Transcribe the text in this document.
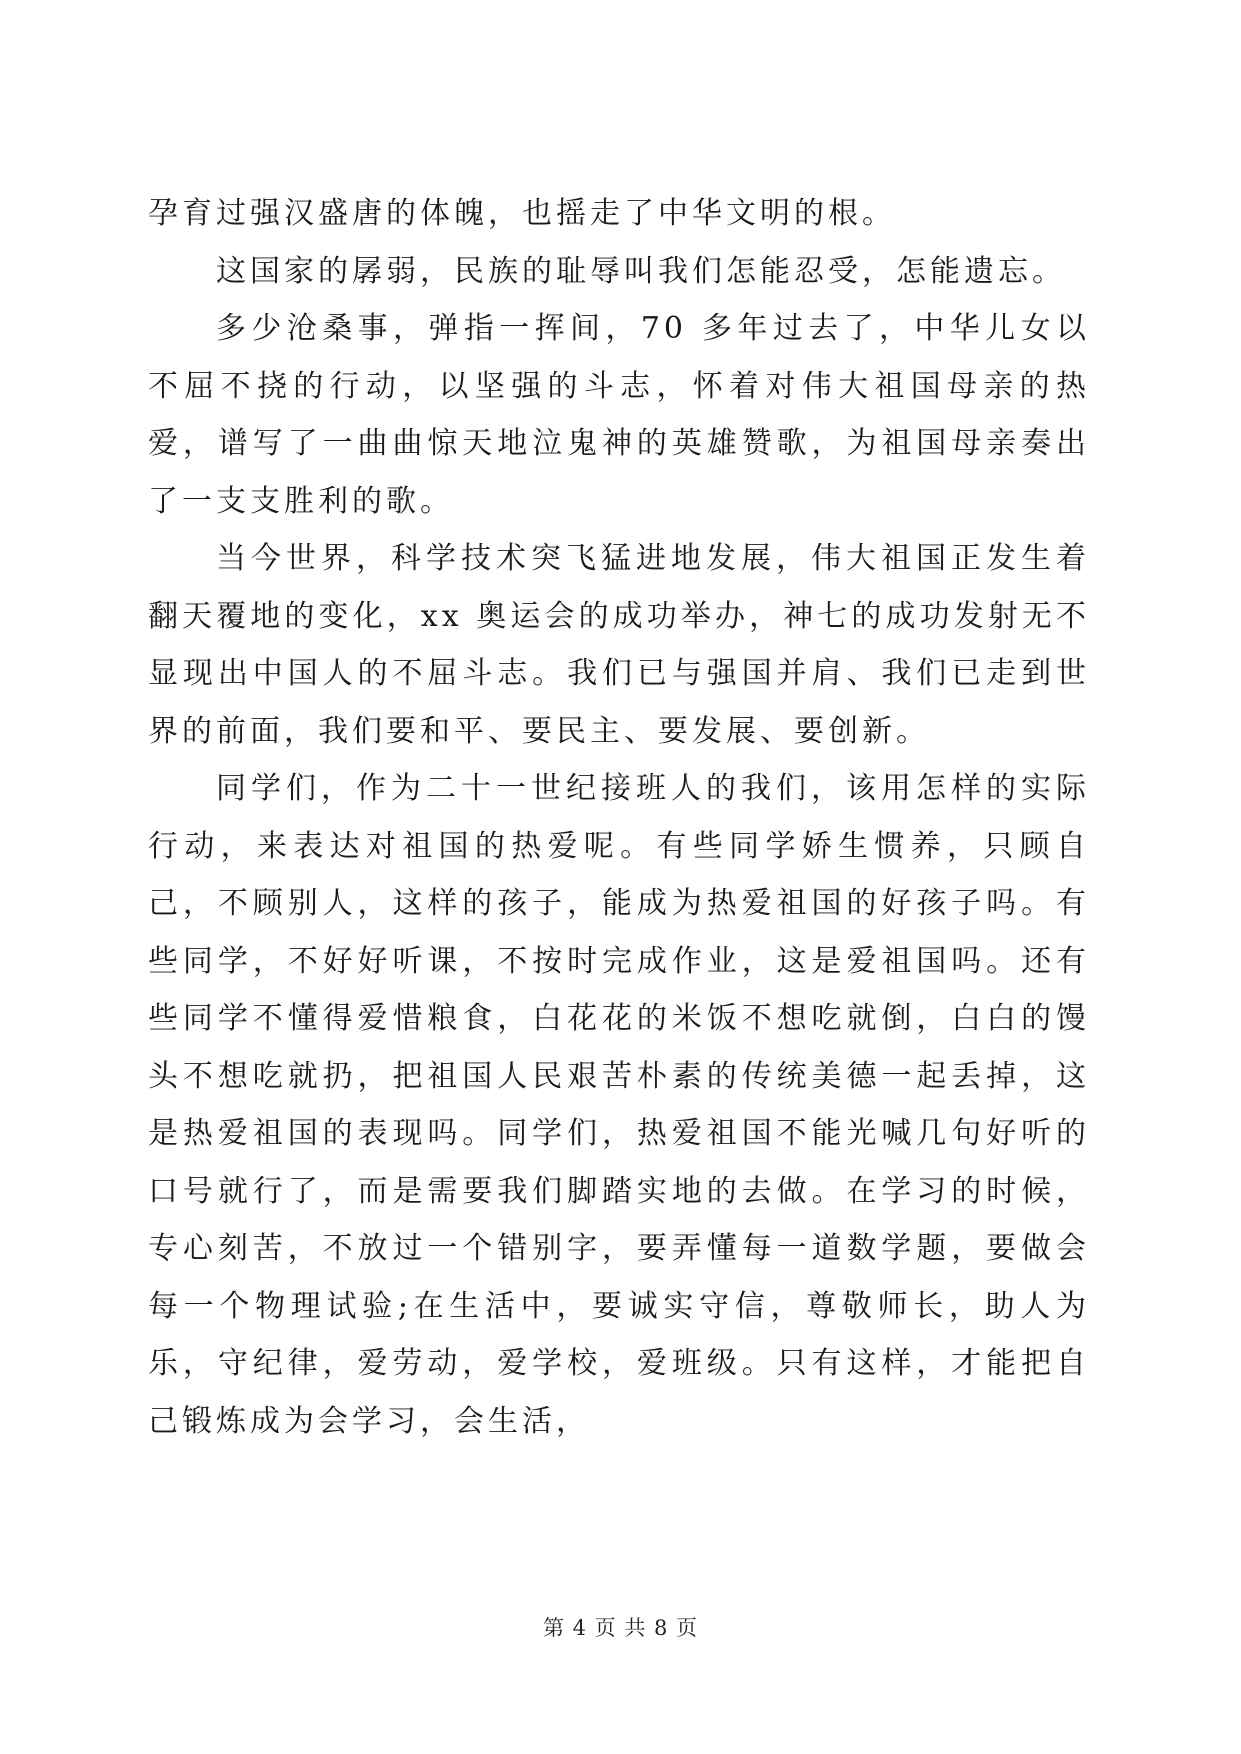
孕育过强汉盛唐的体魄，也摇走了中华文明的根。

这国家的孱弱，民族的耻辱叫我们怎能忍受，怎能遗忘。

多少沧桑事，弹指一挥间，70 多年过去了，中华儿女以不屈不挠的行动，以坚强的斗志，怀着对伟大祖国母亲的热爱，谱写了一曲曲惊天地泣鬼神的英雄赞歌，为祖国母亲奏出了一支支胜利的歌。

当今世界，科学技术突飞猛进地发展，伟大祖国正发生着翻天覆地的变化，xx 奥运会的成功举办，神七的成功发射无不显现出中国人的不屈斗志。我们已与强国并肩、我们已走到世界的前面，我们要和平、要民主、要发展、要创新。

同学们，作为二十一世纪接班人的我们，该用怎样的实际行动，来表达对祖国的热爱呢。有些同学娇生惯养，只顾自己，不顾别人，这样的孩子，能成为热爱祖国的好孩子吗。有些同学，不好好听课，不按时完成作业，这是爱祖国吗。还有些同学不懂得爱惜粮食，白花花的米饭不想吃就倒，白白的馒头不想吃就扔，把祖国人民艰苦朴素的传统美德一起丢掉，这是热爱祖国的表现吗。同学们，热爱祖国不能光喊几句好听的口号就行了，而是需要我们脚踏实地的去做。在学习的时候，专心刻苦，不放过一个错别字，要弄懂每一道数学题，要做会每一个物理试验;在生活中，要诚实守信，尊敬师长，助人为乐，守纪律，爱劳动，爱学校，爱班级。只有这样，才能把自己锻炼成为会学习，会生活，

第 4 页 共 8 页
